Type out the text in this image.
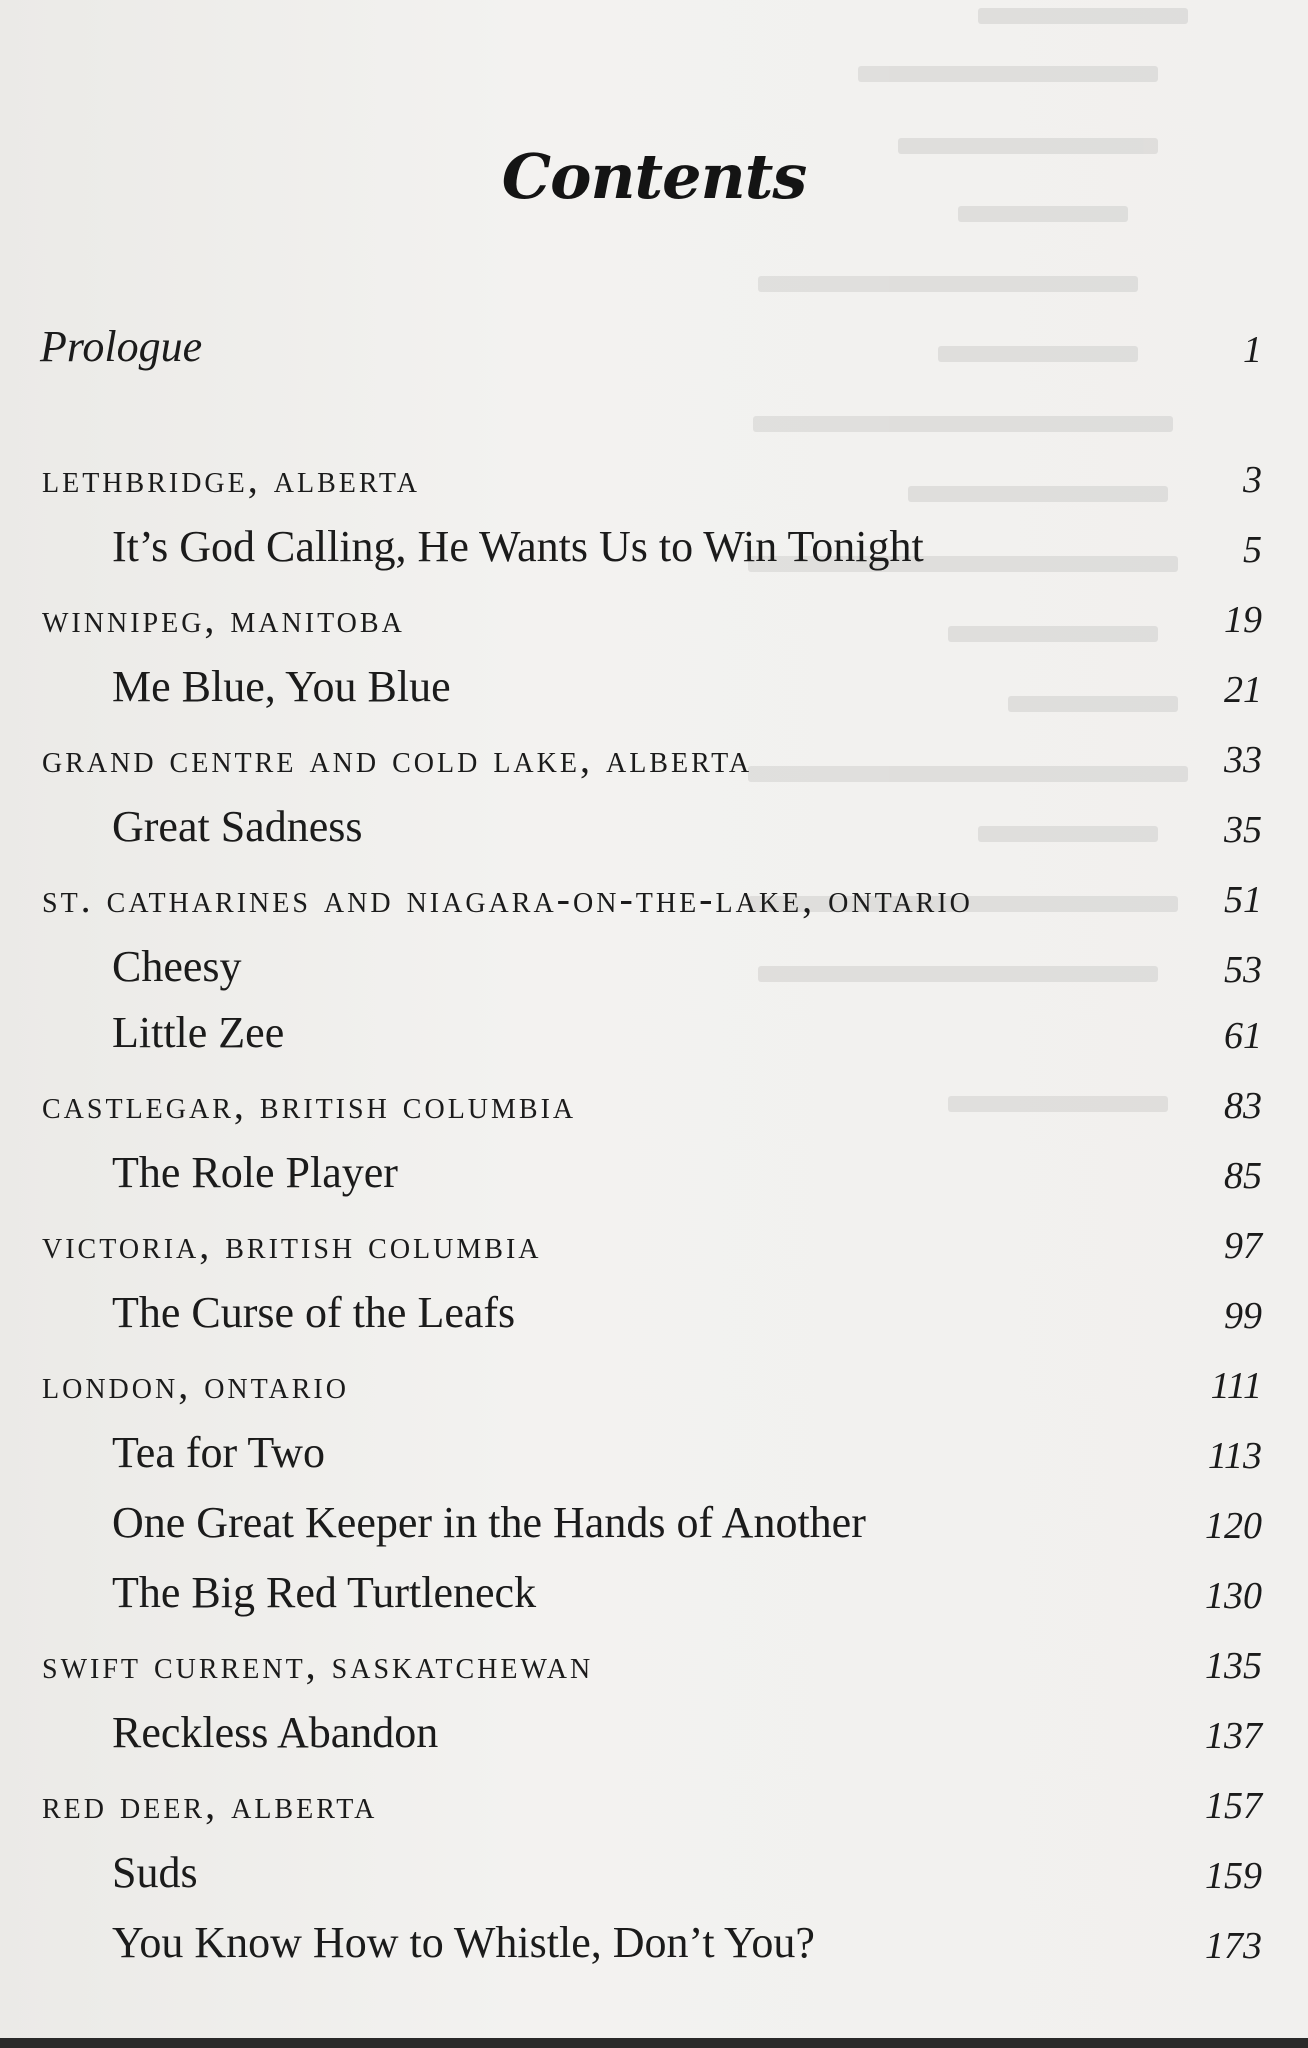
Contents
Prologue	1
lethbridge, alberta	3
It’s God Calling, He Wants Us to Win Tonight	5
winnipeg, manitoba	19
Me Blue, You Blue	21
grand centre and cold lake, alberta	33
Great Sadness	35
st. catharines and niagara-on-the-lake, ontario	51
Cheesy	53
Little Zee	61
castlegar, british columbia	83
The Role Player	85
victoria, british columbia	97
The Curse of the Leafs	99
london, ontario	111
Tea for Two	113
One Great Keeper in the Hands of Another	120
The Big Red Turtleneck	130
swift current, saskatchewan	135
Reckless Abandon	137
red deer, alberta	157
Suds	159
You Know How to Whistle, Don’t You?	173
